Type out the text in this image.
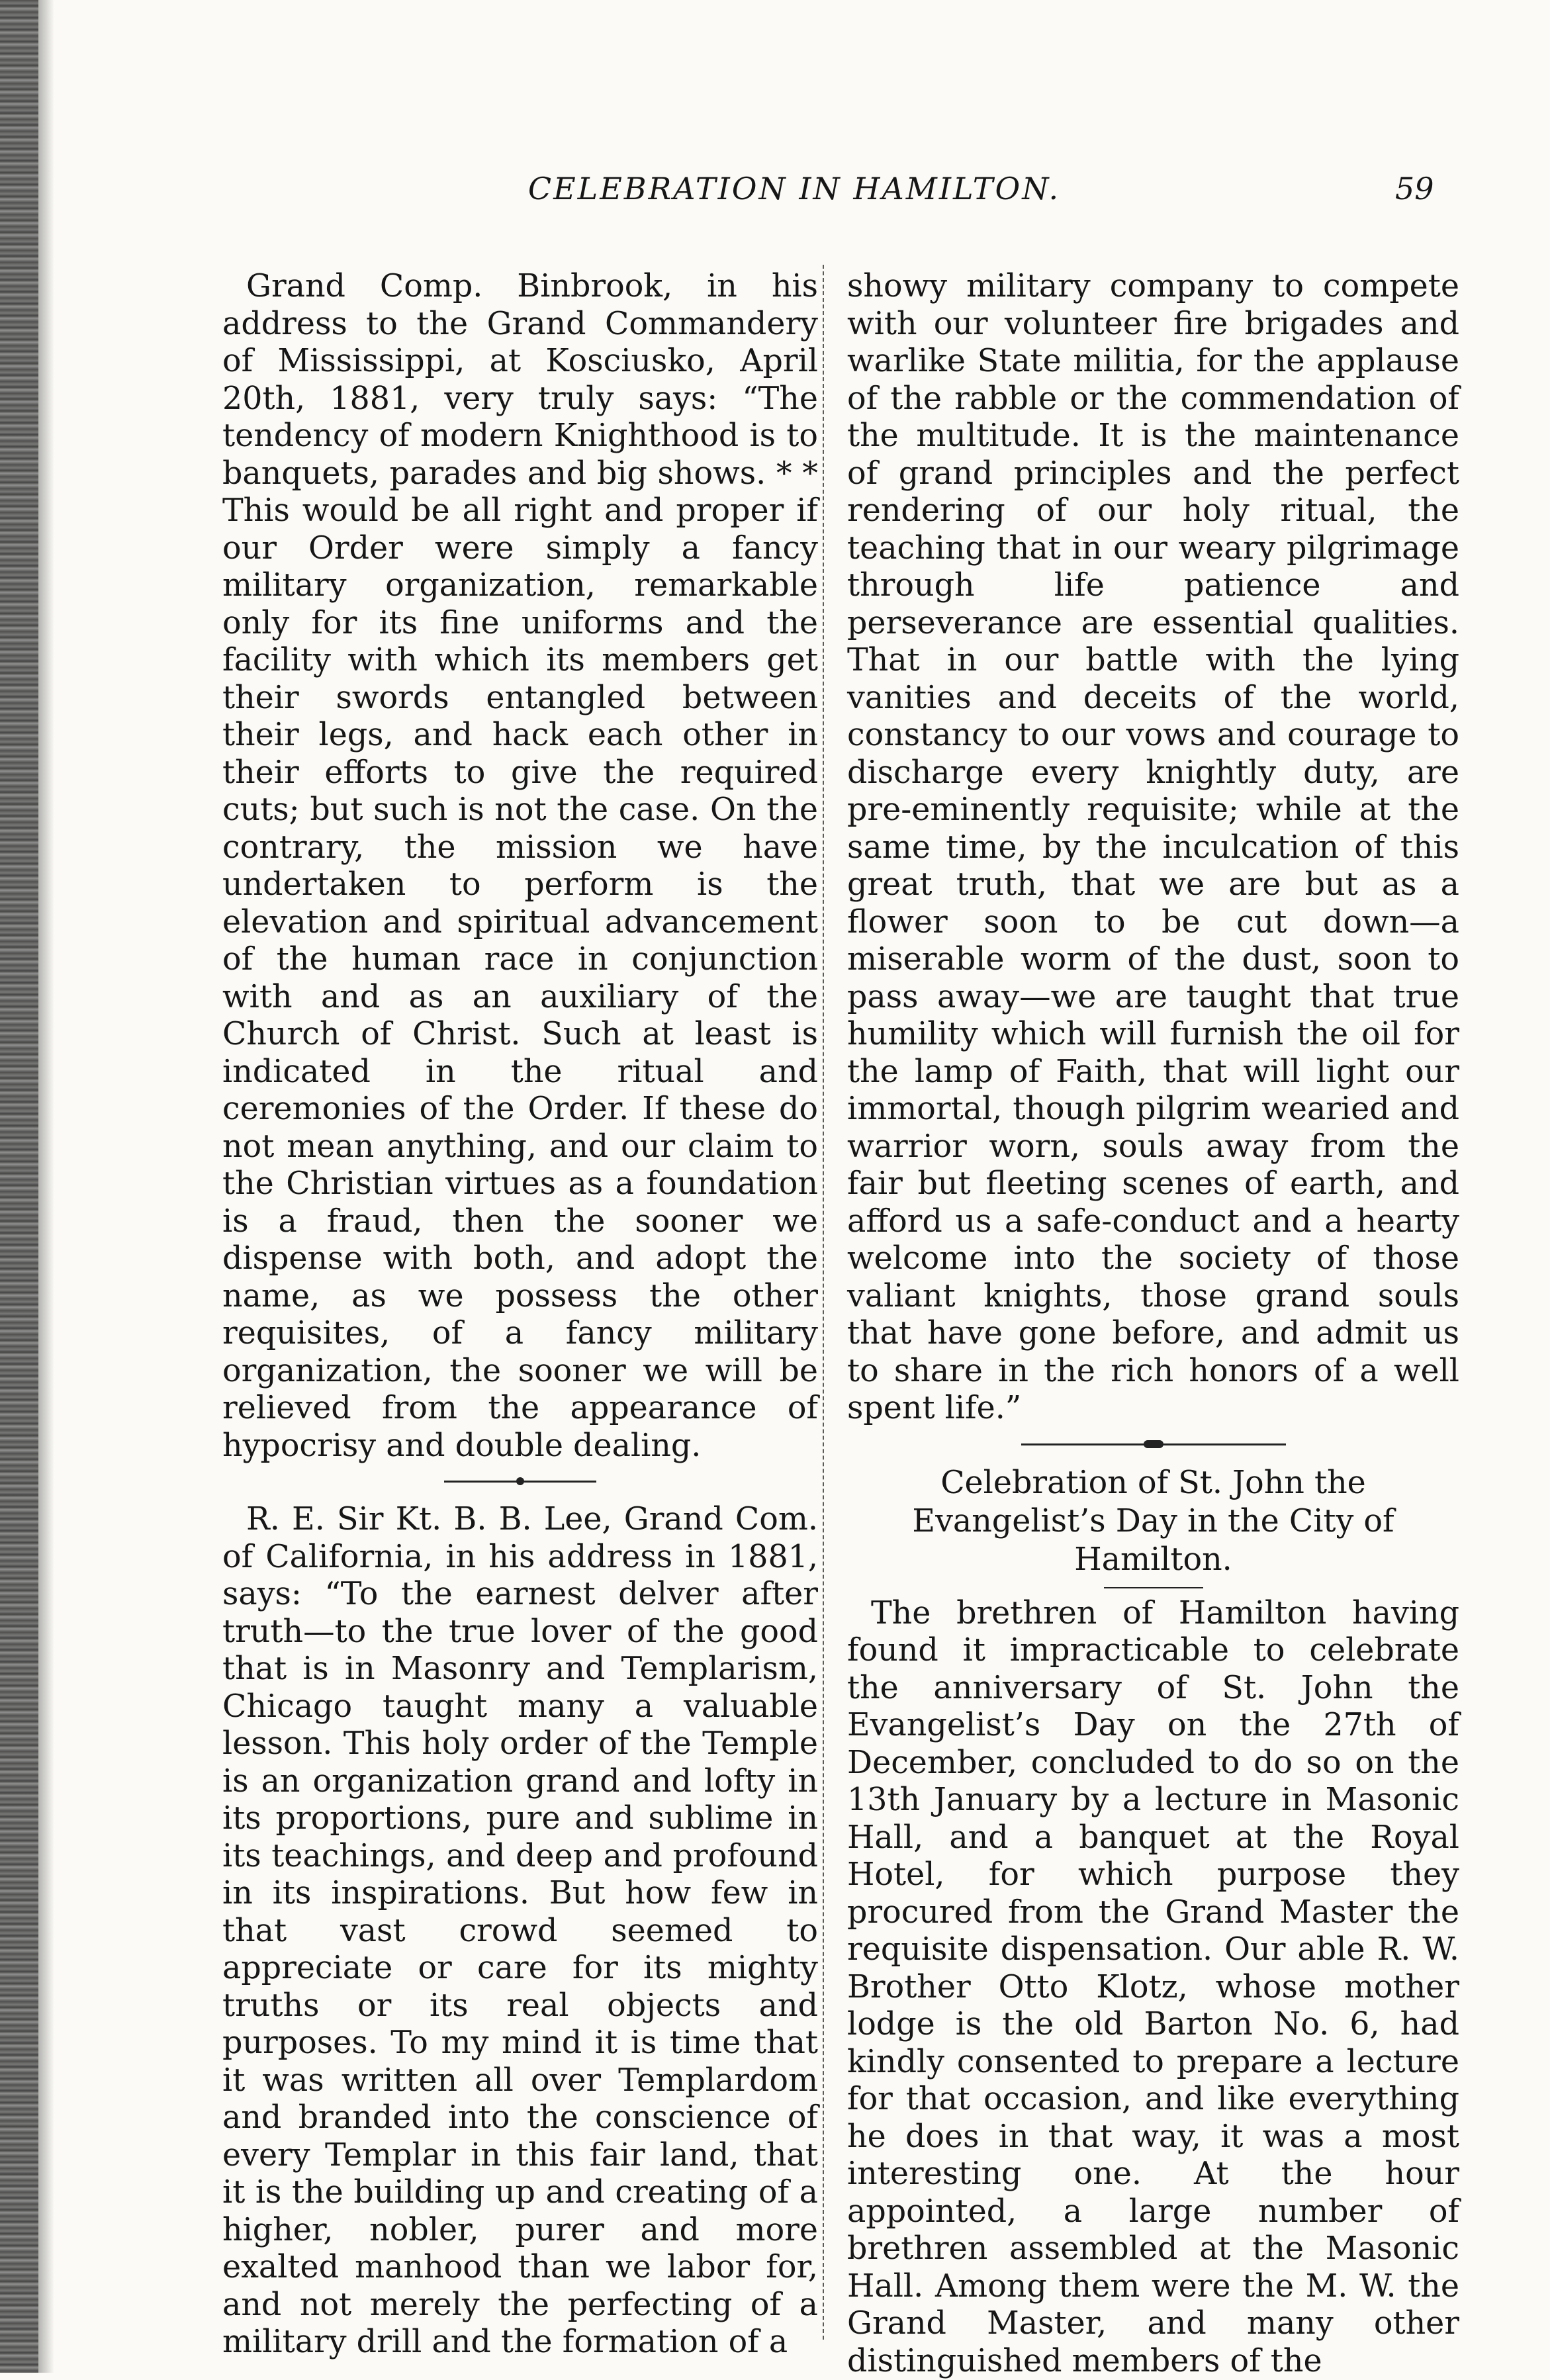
CELEBRATION IN HAMILTON.	59

Grand Comp. Binbrook, in his address to the Grand Commandery of Mississippi, at Kosciusko, April 20th, 1881, very truly says: “The tendency of modern Knighthood is to banquets, parades and big shows. * * This would be all right and proper if our Order were simply a fancy military organization, remarkable only for its fine uniforms and the facility with which its members get their swords entangled between their legs, and hack each other in their efforts to give the required cuts; but such is not the case. On the contrary, the mission we have undertaken to perform is the elevation and spiritual advancement of the human race in conjunction with and as an auxiliary of the Church of Christ. Such at least is indicated in the ritual and ceremonies of the Order. If these do not mean anything, and our claim to the Christian virtues as a foundation is a fraud, then the sooner we dispense with both, and adopt the name, as we possess the other requisites, of a fancy military organization, the sooner we will be relieved from the appearance of hypocrisy and double dealing.

R. E. Sir Kt. B. B. Lee, Grand Com. of California, in his address in 1881, says: “To the earnest delver after truth—to the true lover of the good that is in Masonry and Templarism, Chicago taught many a valuable lesson. This holy order of the Temple is an organization grand and lofty in its proportions, pure and sublime in its teachings, and deep and profound in its inspirations. But how few in that vast crowd seemed to appreciate or care for its mighty truths or its real objects and purposes. To my mind it is time that it was written all over Templardom and branded into the conscience of every Templar in this fair land, that it is the building up and creating of a higher, nobler, purer and more exalted manhood than we labor for, and not merely the perfecting of a military drill and the formation of a

showy military company to compete with our volunteer fire brigades and warlike State militia, for the applause of the rabble or the commendation of the multitude. It is the maintenance of grand principles and the perfect rendering of our holy ritual, the teaching that in our weary pilgrimage through life patience and perseverance are essential qualities. That in our battle with the lying vanities and deceits of the world, constancy to our vows and courage to discharge every knightly duty, are pre-eminently requisite; while at the same time, by the inculcation of this great truth, that we are but as a flower soon to be cut down—a miserable worm of the dust, soon to pass away—we are taught that true humility which will furnish the oil for the lamp of Faith, that will light our immortal, though pilgrim wearied and warrior worn, souls away from the fair but fleeting scenes of earth, and afford us a safe-conduct and a hearty welcome into the society of those valiant knights, those grand souls that have gone before, and admit us to share in the rich honors of a well spent life.”

Celebration of St. John the Evangelist’s Day in the City of Hamilton.

The brethren of Hamilton having found it impracticable to celebrate the anniversary of St. John the Evangelist’s Day on the 27th of December, concluded to do so on the 13th January by a lecture in Masonic Hall, and a banquet at the Royal Hotel, for which purpose they procured from the Grand Master the requisite dispensation. Our able R. W. Brother Otto Klotz, whose mother lodge is the old Barton No. 6, had kindly consented to prepare a lecture for that occasion, and like everything he does in that way, it was a most interesting one. At the hour appointed, a large number of brethren assembled at the Masonic Hall. Among them were the M. W. the Grand Master, and many other distinguished members of the
